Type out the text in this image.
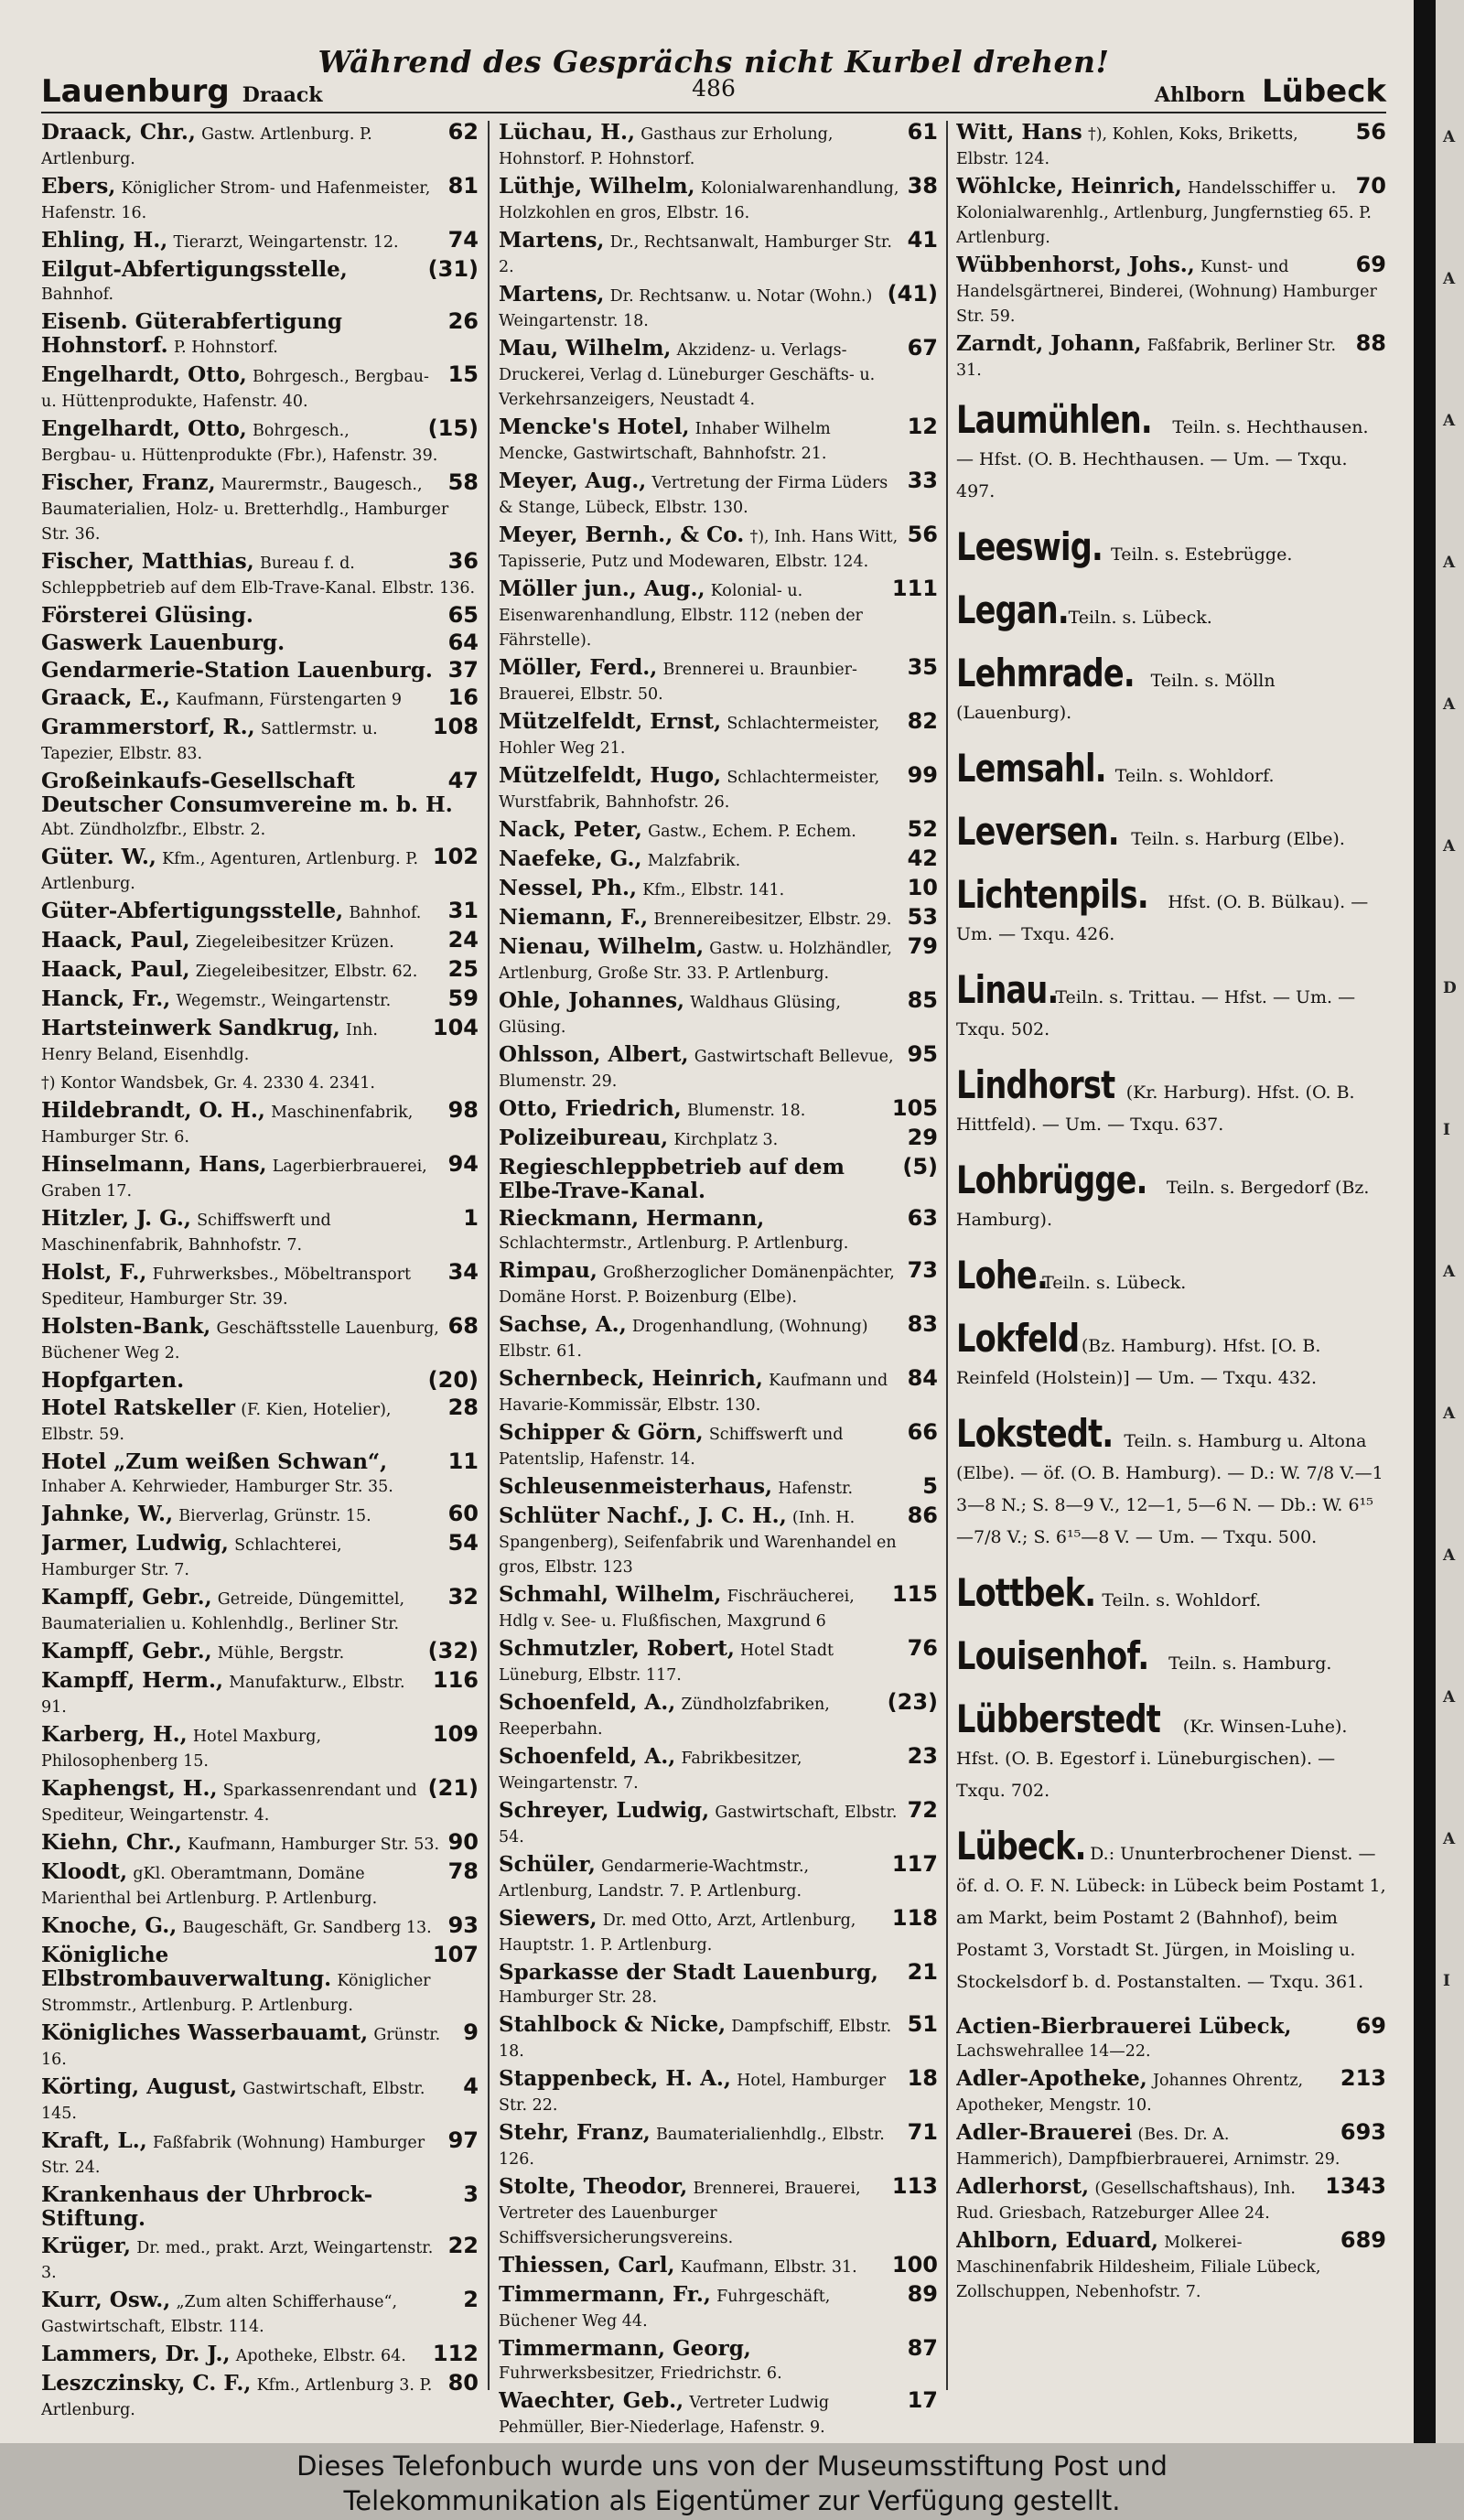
Während des Gesprächs nicht Kurbel drehen!
Lauenburg Draack	486	Ahlborn Lübeck
62
Draack, Chr., Gastw. Artlenburg. P. Artlenburg.
81
Ebers, Königlicher Strom- und Hafenmeister, Hafenstr. 16.
74
Ehling, H., Tierarzt, Weingartenstr. 12.
(31)
Eilgut-Abfertigungsstelle, Bahnhof.
26
Eisenb. Güterabfertigung Hohnstorf. P. Hohnstorf.
15
Engelhardt, Otto, Bohrgesch., Bergbau- u. Hüttenprodukte, Hafenstr. 40.
(15)
Engelhardt, Otto, Bohrgesch., Bergbau- u. Hüttenprodukte (Fbr.), Hafenstr. 39.
58
Fischer, Franz, Maurermstr., Baugesch., Baumaterialien, Holz- u. Bretterhdlg., Hamburger Str. 36.
36
Fischer, Matthias, Bureau f. d. Schleppbetrieb auf dem Elb-Trave-Kanal. Elbstr. 136.
65
Försterei Glüsing.
64
Gaswerk Lauenburg.
37
Gendarmerie-Station Lauenburg.
16
Graack, E., Kaufmann, Fürstengarten 9
108
Grammerstorf, R., Sattlermstr. u. Tapezier, Elbstr. 83.
47
Großeinkaufs-Gesellschaft Deutscher Consumvereine m. b. H. Abt. Zündholzfbr., Elbstr. 2.
102
Güter. W., Kfm., Agenturen, Artlenburg. P. Artlenburg.
31
Güter-Abfertigungsstelle, Bahnhof.
24
Haack, Paul, Ziegeleibesitzer Krüzen.
25
Haack, Paul, Ziegeleibesitzer, Elbstr. 62.
59
Hanck, Fr., Wegemstr., Weingartenstr.
104
Hartsteinwerk Sandkrug, Inh. Henry Beland, Eisenhdlg.
†) Kontor Wandsbek, Gr. 4. 2330 4. 2341.
98
Hildebrandt, O. H., Maschinenfabrik, Hamburger Str. 6.
94
Hinselmann, Hans, Lagerbierbrauerei, Graben 17.
1
Hitzler, J. G., Schiffswerft und Maschinenfabrik, Bahnhofstr. 7.
34
Holst, F., Fuhrwerksbes., Möbeltransport Spediteur, Hamburger Str. 39.
68
Holsten-Bank, Geschäftsstelle Lauenburg, Büchener Weg 2.
(20)
Hopfgarten.
28
Hotel Ratskeller (F. Kien, Hotelier), Elbstr. 59.
11
Hotel „Zum weißen Schwan“, Inhaber A. Kehrwieder, Hamburger Str. 35.
60
Jahnke, W., Bierverlag, Grünstr. 15.
54
Jarmer, Ludwig, Schlachterei, Hamburger Str. 7.
32
Kampff, Gebr., Getreide, Düngemittel, Baumaterialien u. Kohlenhdlg., Berliner Str.
(32)
Kampff, Gebr., Mühle, Bergstr.
116
Kampff, Herm., Manufakturw., Elbstr. 91.
109
Karberg, H., Hotel Maxburg, Philosophenberg 15.
(21)
Kaphengst, H., Sparkassenrendant und Spediteur, Weingartenstr. 4.
90
Kiehn, Chr., Kaufmann, Hamburger Str. 53.
78
Kloodt, gKl. Oberamtmann, Domäne Marienthal bei Artlenburg. P. Artlenburg.
93
Knoche, G., Baugeschäft, Gr. Sandberg 13.
107
Königliche Elbstrombauverwaltung. Königlicher Strommstr., Artlenburg. P. Artlenburg.
9
Königliches Wasserbauamt, Grünstr. 16.
4
Körting, August, Gastwirtschaft, Elbstr. 145.
97
Kraft, L., Faßfabrik (Wohnung) Hamburger Str. 24.
3
Krankenhaus der Uhrbrock-Stiftung.
22
Krüger, Dr. med., prakt. Arzt, Weingartenstr. 3.
2
Kurr, Osw., „Zum alten Schifferhause“, Gastwirtschaft, Elbstr. 114.
112
Lammers, Dr. J., Apotheke, Elbstr. 64.
80
Leszczinsky, C. F., Kfm., Artlenburg 3. P. Artlenburg.
61
Lüchau, H., Gasthaus zur Erholung, Hohnstorf. P. Hohnstorf.
38
Lüthje, Wilhelm, Kolonialwarenhandlung, Holzkohlen en gros, Elbstr. 16.
41
Martens, Dr., Rechtsanwalt, Hamburger Str. 2.
(41)
Martens, Dr. Rechtsanw. u. Notar (Wohn.) Weingartenstr. 18.
67
Mau, Wilhelm, Akzidenz- u. Verlags-Druckerei, Verlag d. Lüneburger Geschäfts- u. Verkehrsanzeigers, Neustadt 4.
12
Mencke's Hotel, Inhaber Wilhelm Mencke, Gastwirtschaft, Bahnhofstr. 21.
33
Meyer, Aug., Vertretung der Firma Lüders & Stange, Lübeck, Elbstr. 130.
56
Meyer, Bernh., & Co. †), Inh. Hans Witt, Tapisserie, Putz und Modewaren, Elbstr. 124.
111
Möller jun., Aug., Kolonial- u. Eisenwarenhandlung, Elbstr. 112 (neben der Fährstelle).
35
Möller, Ferd., Brennerei u. Braunbier-Brauerei, Elbstr. 50.
82
Mützelfeldt, Ernst, Schlachtermeister, Hohler Weg 21.
99
Mützelfeldt, Hugo, Schlachtermeister, Wurstfabrik, Bahnhofstr. 26.
52
Nack, Peter, Gastw., Echem. P. Echem.
42
Naefeke, G., Malzfabrik.
10
Nessel, Ph., Kfm., Elbstr. 141.
53
Niemann, F., Brennereibesitzer, Elbstr. 29.
79
Nienau, Wilhelm, Gastw. u. Holzhändler, Artlenburg, Große Str. 33. P. Artlenburg.
85
Ohle, Johannes, Waldhaus Glüsing, Glüsing.
95
Ohlsson, Albert, Gastwirtschaft Bellevue, Blumenstr. 29.
105
Otto, Friedrich, Blumenstr. 18.
29
Polizeibureau, Kirchplatz 3.
(5)
Regieschleppbetrieb auf dem Elbe-Trave-Kanal.
63
Rieckmann, Hermann, Schlachtermstr., Artlenburg. P. Artlenburg.
73
Rimpau, Großherzoglicher Domänenpächter, Domäne Horst. P. Boizenburg (Elbe).
83
Sachse, A., Drogenhandlung, (Wohnung) Elbstr. 61.
84
Schernbeck, Heinrich, Kaufmann und Havarie-Kommissär, Elbstr. 130.
66
Schipper & Görn, Schiffswerft und Patentslip, Hafenstr. 14.
5
Schleusenmeisterhaus, Hafenstr.
86
Schlüter Nachf., J. C. H., (Inh. H. Spangenberg), Seifenfabrik und Warenhandel en gros, Elbstr. 123
115
Schmahl, Wilhelm, Fischräucherei, Hdlg v. See- u. Flußfischen, Maxgrund 6
76
Schmutzler, Robert, Hotel Stadt Lüneburg, Elbstr. 117.
(23)
Schoenfeld, A., Zündholzfabriken, Reeperbahn.
23
Schoenfeld, A., Fabrikbesitzer, Weingartenstr. 7.
72
Schreyer, Ludwig, Gastwirtschaft, Elbstr. 54.
117
Schüler, Gendarmerie-Wachtmstr., Artlenburg, Landstr. 7. P. Artlenburg.
118
Siewers, Dr. med Otto, Arzt, Artlenburg, Hauptstr. 1. P. Artlenburg.
21
Sparkasse der Stadt Lauenburg, Hamburger Str. 28.
51
Stahlbock & Nicke, Dampfschiff, Elbstr. 18.
18
Stappenbeck, H. A., Hotel, Hamburger Str. 22.
71
Stehr, Franz, Baumaterialienhdlg., Elbstr. 126.
113
Stolte, Theodor, Brennerei, Brauerei, Vertreter des Lauenburger Schiffsversicherungsvereins.
100
Thiessen, Carl, Kaufmann, Elbstr. 31.
89
Timmermann, Fr., Fuhrgeschäft, Büchener Weg 44.
87
Timmermann, Georg, Fuhrwerksbesitzer, Friedrichstr. 6.
17
Waechter, Geb., Vertreter Ludwig Pehmüller, Bier-Niederlage, Hafenstr. 9.
56
Witt, Hans †), Kohlen, Koks, Briketts, Elbstr. 124.
70
Wöhlcke, Heinrich, Handelsschiffer u. Kolonialwarenhlg., Artlenburg, Jungfernstieg 65. P. Artlenburg.
69
Wübbenhorst, Johs., Kunst- und Handelsgärtnerei, Binderei, (Wohnung) Hamburger Str. 59.
88
Zarndt, Johann, Faßfabrik, Berliner Str. 31.
Laumühlen. Teiln. s. Hechthausen. — Hfst. (O. B. Hechthausen. — Um. — Txqu. 497.
Leeswig. Teiln. s. Estebrügge.
Legan. Teiln. s. Lübeck.
Lehmrade. Teiln. s. Mölln (Lauenburg).
Lemsahl. Teiln. s. Wohldorf.
Leversen. Teiln. s. Harburg (Elbe).
Lichtenpils. Hfst. (O. B. Bülkau). — Um. — Txqu. 426.
Linau. Teiln. s. Trittau. — Hfst. — Um. — Txqu. 502.
Lindhorst (Kr. Harburg). Hfst. (O. B. Hittfeld). — Um. — Txqu. 637.
Lohbrügge. Teiln. s. Bergedorf (Bz. Hamburg).
Lohe. Teiln. s. Lübeck.
Lokfeld (Bz. Hamburg). Hfst. [O. B. Reinfeld (Holstein)] — Um. — Txqu. 432.
Lokstedt. Teiln. s. Hamburg u. Altona (Elbe). — öf. (O. B. Hamburg). — D.: W. 7/8 V.—1 3—8 N.; S. 8—9 V., 12—1, 5—6 N. — Db.: W. 6¹⁵—7/8 V.; S. 6¹⁵—8 V. — Um. — Txqu. 500.
Lottbek. Teiln. s. Wohldorf.
Louisenhof. Teiln. s. Hamburg.
Lübberstedt (Kr. Winsen-Luhe). Hfst. (O. B. Egestorf i. Lüneburgischen). — Txqu. 702.
Lübeck. D.: Ununterbrochener Dienst. — öf. d. O. F. N. Lübeck: in Lübeck beim Postamt 1, am Markt, beim Postamt 2 (Bahnhof), beim Postamt 3, Vorstadt St. Jürgen, in Moisling u. Stockelsdorf b. d. Postanstalten. — Txqu. 361.
69
Actien-Bierbrauerei Lübeck, Lachswehrallee 14—22.
213
Adler-Apotheke, Johannes Ohrentz, Apotheker, Mengstr. 10.
693
Adler-Brauerei (Bes. Dr. A. Hammerich), Dampfbierbrauerei, Arnimstr. 29.
1343
Adlerhorst, (Gesellschaftshaus), Inh. Rud. Griesbach, Ratzeburger Allee 24.
689
Ahlborn, Eduard, Molkerei-Maschinenfabrik Hildesheim, Filiale Lübeck, Zollschuppen, Nebenhofstr. 7.
A
A
A
A
A
A
D
I
A
A
A
A
A
I
Dieses Telefonbuch wurde uns von der Museumsstiftung Post und
Telekommunikation als Eigentümer zur Verfügung gestellt.
